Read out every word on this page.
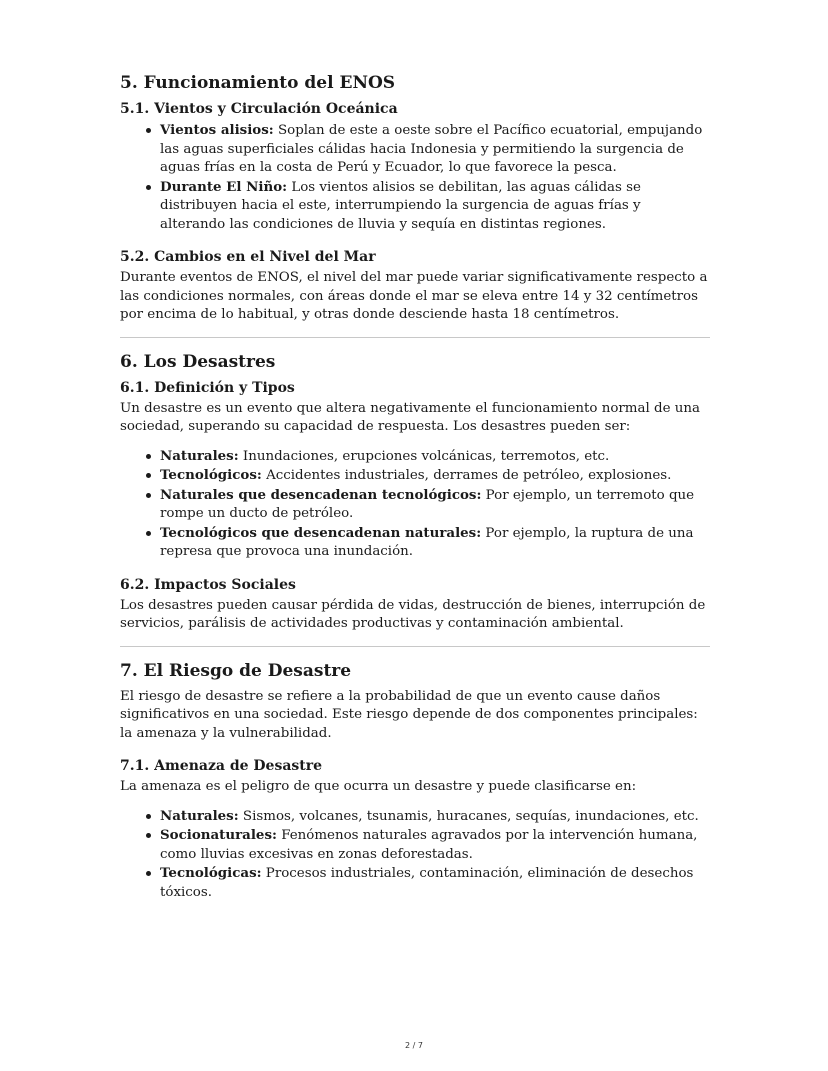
5. Funcionamiento del ENOS
5.1. Vientos y Circulación Oceánica
Vientos alisios: Soplan de este a oeste sobre el Pacífico ecuatorial, empujando las aguas superficiales cálidas hacia Indonesia y permitiendo la surgencia de aguas frías en la costa de Perú y Ecuador, lo que favorece la pesca.
Durante El Niño: Los vientos alisios se debilitan, las aguas cálidas se distribuyen hacia el este, interrumpiendo la surgencia de aguas frías y alterando las condiciones de lluvia y sequía en distintas regiones.
5.2. Cambios en el Nivel del Mar

Durante eventos de ENOS, el nivel del mar puede variar significativamente respecto a las condiciones normales, con áreas donde el mar se eleva entre 14 y 32 centímetros por encima de lo habitual, y otras donde desciende hasta 18 centímetros.

6. Los Desastres
6.1. Definición y Tipos

Un desastre es un evento que altera negativamente el funcionamiento normal de una sociedad, superando su capacidad de respuesta. Los desastres pueden ser:

Naturales: Inundaciones, erupciones volcánicas, terremotos, etc.
Tecnológicos: Accidentes industriales, derrames de petróleo, explosiones.
Naturales que desencadenan tecnológicos: Por ejemplo, un terremoto que rompe un ducto de petróleo.
Tecnológicos que desencadenan naturales: Por ejemplo, la ruptura de una represa que provoca una inundación.
6.2. Impactos Sociales

Los desastres pueden causar pérdida de vidas, destrucción de bienes, interrupción de servicios, parálisis de actividades productivas y contaminación ambiental.

7. El Riesgo de Desastre

El riesgo de desastre se refiere a la probabilidad de que un evento cause daños significativos en una sociedad. Este riesgo depende de dos componentes principales: la amenaza y la vulnerabilidad.

7.1. Amenaza de Desastre

La amenaza es el peligro de que ocurra un desastre y puede clasificarse en:

Naturales: Sismos, volcanes, tsunamis, huracanes, sequías, inundaciones, etc.
Socionaturales: Fenómenos naturales agravados por la intervención humana, como lluvias excesivas en zonas deforestadas.
Tecnológicas: Procesos industriales, contaminación, eliminación de desechos tóxicos.
2 / 7
